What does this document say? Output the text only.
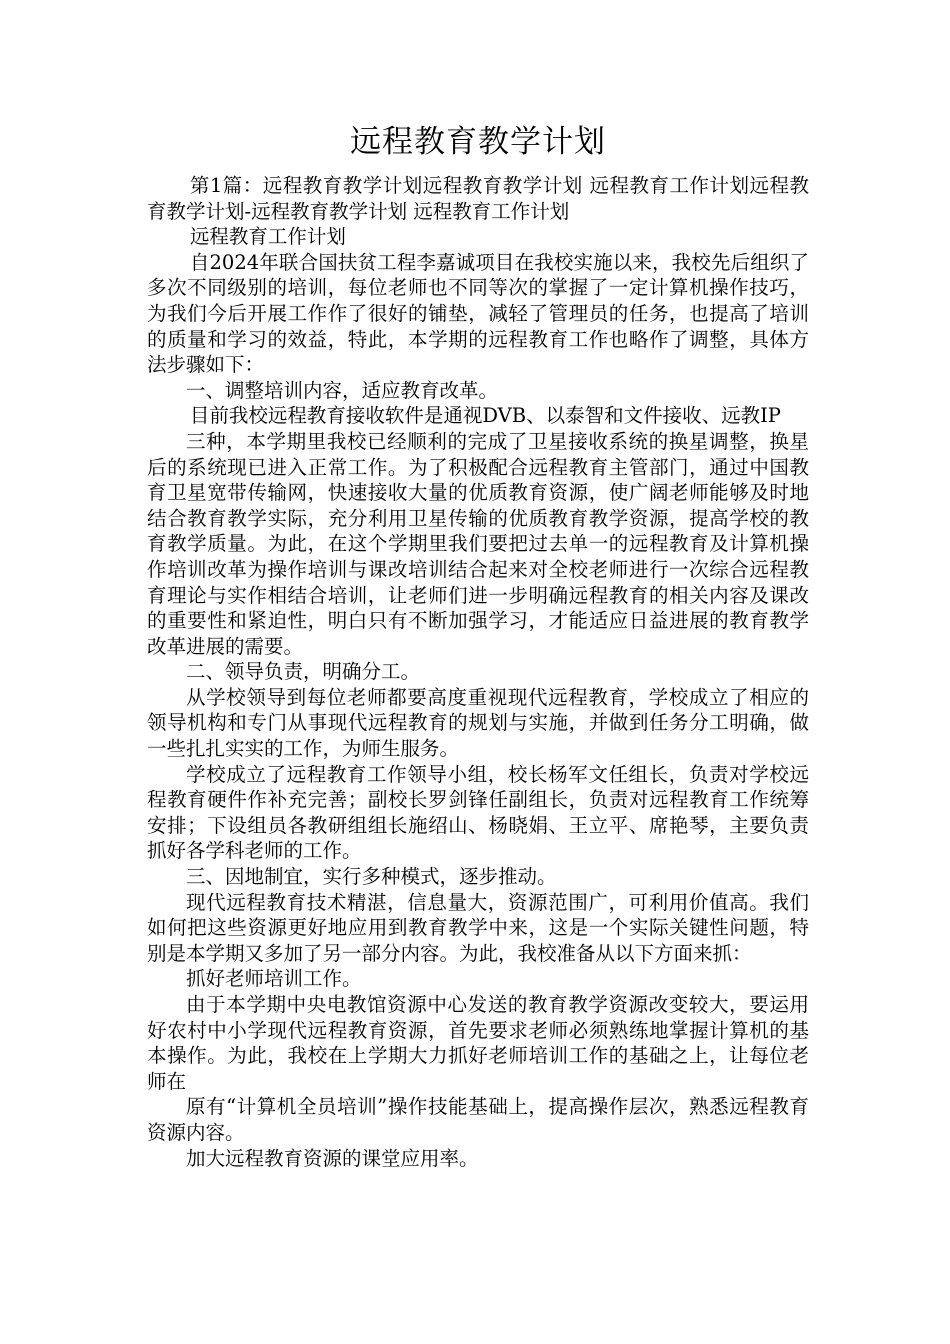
远程教育教学计划

第1篇：远程教育教学计划远程教育教学计划 远程教育工作计划远程教育教学计划-远程教育教学计划 远程教育工作计划

远程教育工作计划

自2024年联合国扶贫工程李嘉诚项目在我校实施以来，我校先后组织了多次不同级别的培训，每位老师也不同等次的掌握了一定计算机操作技巧，为我们今后开展工作作了很好的铺垫，减轻了管理员的任务，也提高了培训的质量和学习的效益，特此，本学期的远程教育工作也略作了调整，具体方法步骤如下：

一、调整培训内容，适应教育改革。

目前我校远程教育接收软件是通视DVB、以泰智和文件接收、远教IP

三种，本学期里我校已经顺利的完成了卫星接收系统的换星调整，换星后的系统现已进入正常工作。为了积极配合远程教育主管部门，通过中国教育卫星宽带传输网，快速接收大量的优质教育资源，使广阔老师能够及时地结合教育教学实际，充分利用卫星传输的优质教育教学资源，提高学校的教育教学质量。为此，在这个学期里我们要把过去单一的远程教育及计算机操作培训改革为操作培训与课改培训结合起来对全校老师进行一次综合远程教育理论与实作相结合培训，让老师们进一步明确远程教育的相关内容及课改的重要性和紧迫性，明白只有不断加强学习，才能适应日益进展的教育教学改革进展的需要。

二、领导负责，明确分工。

从学校领导到每位老师都要高度重视现代远程教育，学校成立了相应的领导机构和专门从事现代远程教育的规划与实施，并做到任务分工明确，做一些扎扎实实的工作，为师生服务。

学校成立了远程教育工作领导小组，校长杨军文任组长，负责对学校远程教育硬件作补充完善；副校长罗剑锋任副组长，负责对远程教育工作统筹安排；下设组员各教研组组长施绍山、杨晓娟、王立平、席艳琴，主要负责抓好各学科老师的工作。

三、因地制宜，实行多种模式，逐步推动。

现代远程教育技术精湛，信息量大，资源范围广，可利用价值高。我们如何把这些资源更好地应用到教育教学中来，这是一个实际关键性问题，特别是本学期又多加了另一部分内容。为此，我校准备从以下方面来抓：

抓好老师培训工作。

由于本学期中央电教馆资源中心发送的教育教学资源改变较大，要运用好农村中小学现代远程教育资源，首先要求老师必须熟练地掌握计算机的基本操作。为此，我校在上学期大力抓好老师培训工作的基础之上，让每位老师在

原有“计算机全员培训”操作技能基础上，提高操作层次，熟悉远程教育资源内容。

加大远程教育资源的课堂应用率。
